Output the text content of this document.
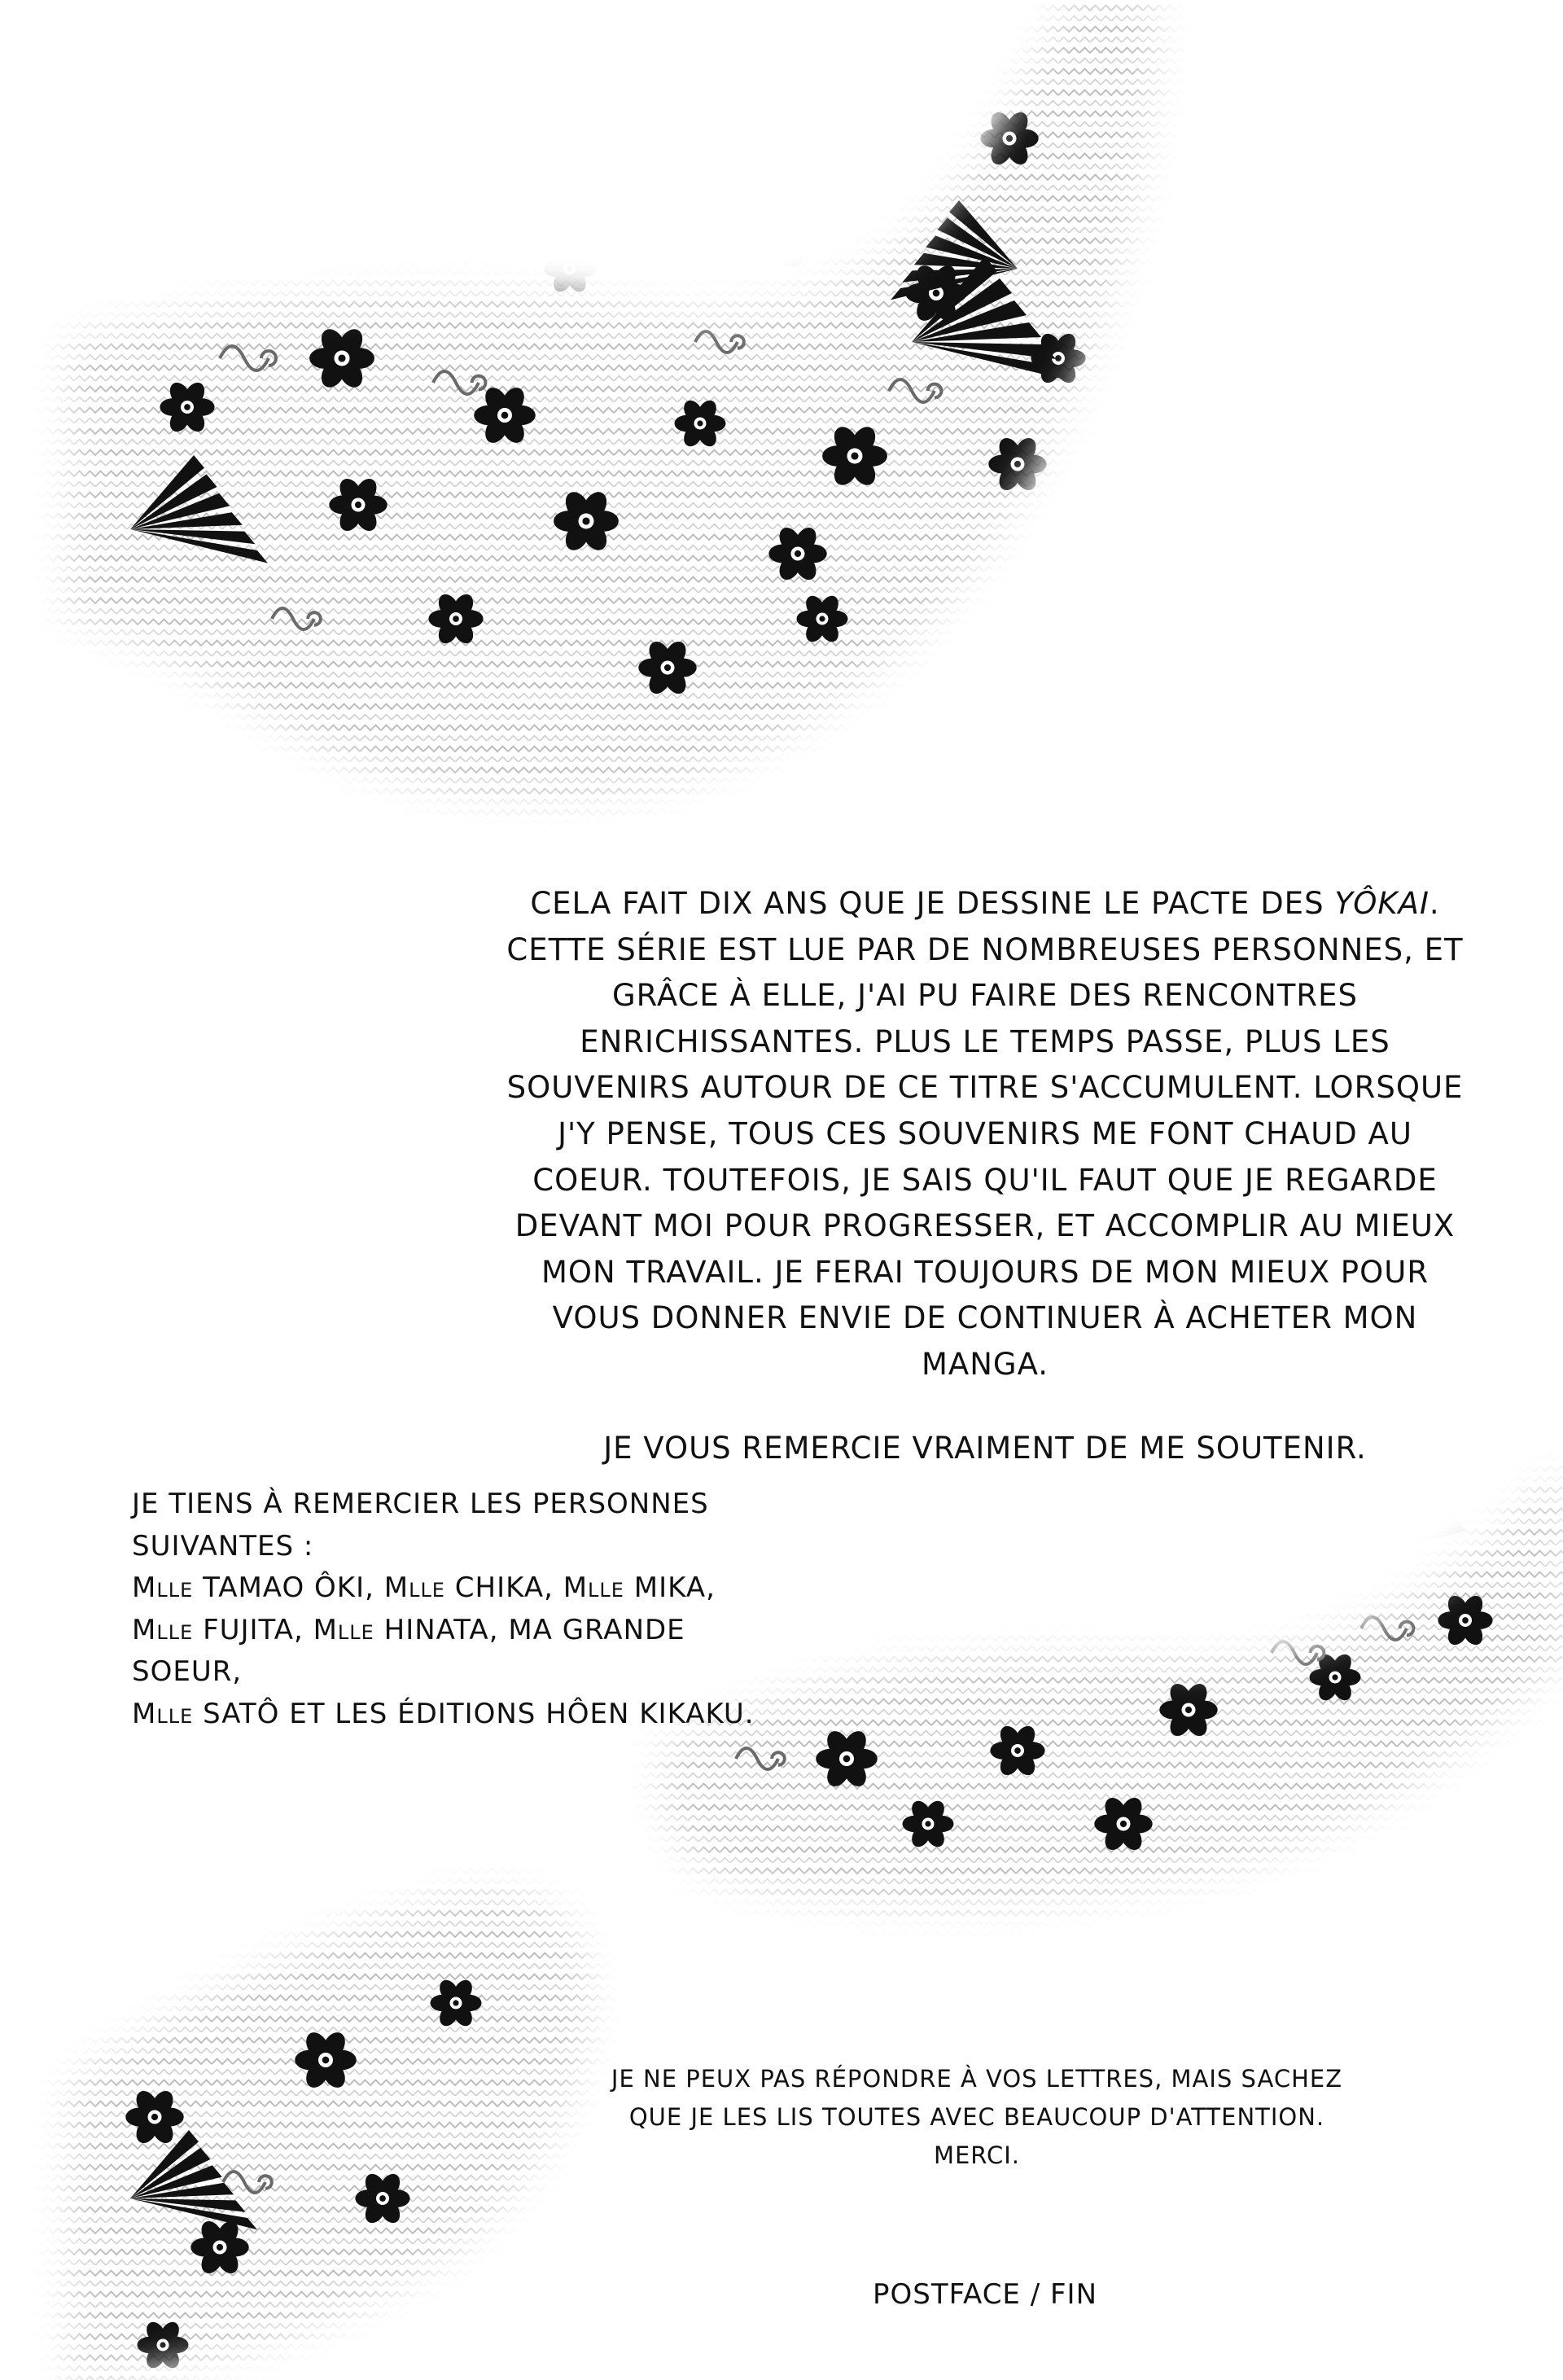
CELA FAIT DIX ANS QUE JE DESSINE LE PACTE DES YÔKAI. CETTE SÉRIE EST LUE PAR DE NOMBREUSES PERSONNES, ET GRÂCE À ELLE, J'AI PU FAIRE DES RENCONTRES ENRICHISSANTES. PLUS LE TEMPS PASSE, PLUS LES SOUVENIRS AUTOUR DE CE TITRE S'ACCUMULENT. LORSQUE J'Y PENSE, TOUS CES SOUVENIRS ME FONT CHAUD AU COEUR. TOUTEFOIS, JE SAIS QU'IL FAUT QUE JE REGARDE DEVANT MOI POUR PROGRESSER, ET ACCOMPLIR AU MIEUX MON TRAVAIL. JE FERAI TOUJOURS DE MON MIEUX POUR VOUS DONNER ENVIE DE CONTINUER À ACHETER MON MANGA.

JE VOUS REMERCIE VRAIMENT DE ME SOUTENIR.

JE TIENS À REMERCIER LES PERSONNES SUIVANTES :
Mlle TAMAO ÔKI, Mlle CHIKA, Mlle MIKA,
Mlle FUJITA, Mlle HINATA, MA GRANDE SOEUR,
Mlle SATÔ ET LES ÉDITIONS HÔEN KIKAKU.
JE NE PEUX PAS RÉPONDRE À VOS LETTRES, MAIS SACHEZ QUE JE LES LIS TOUTES AVEC BEAUCOUP D'ATTENTION. MERCI.
POSTFACE / FIN
